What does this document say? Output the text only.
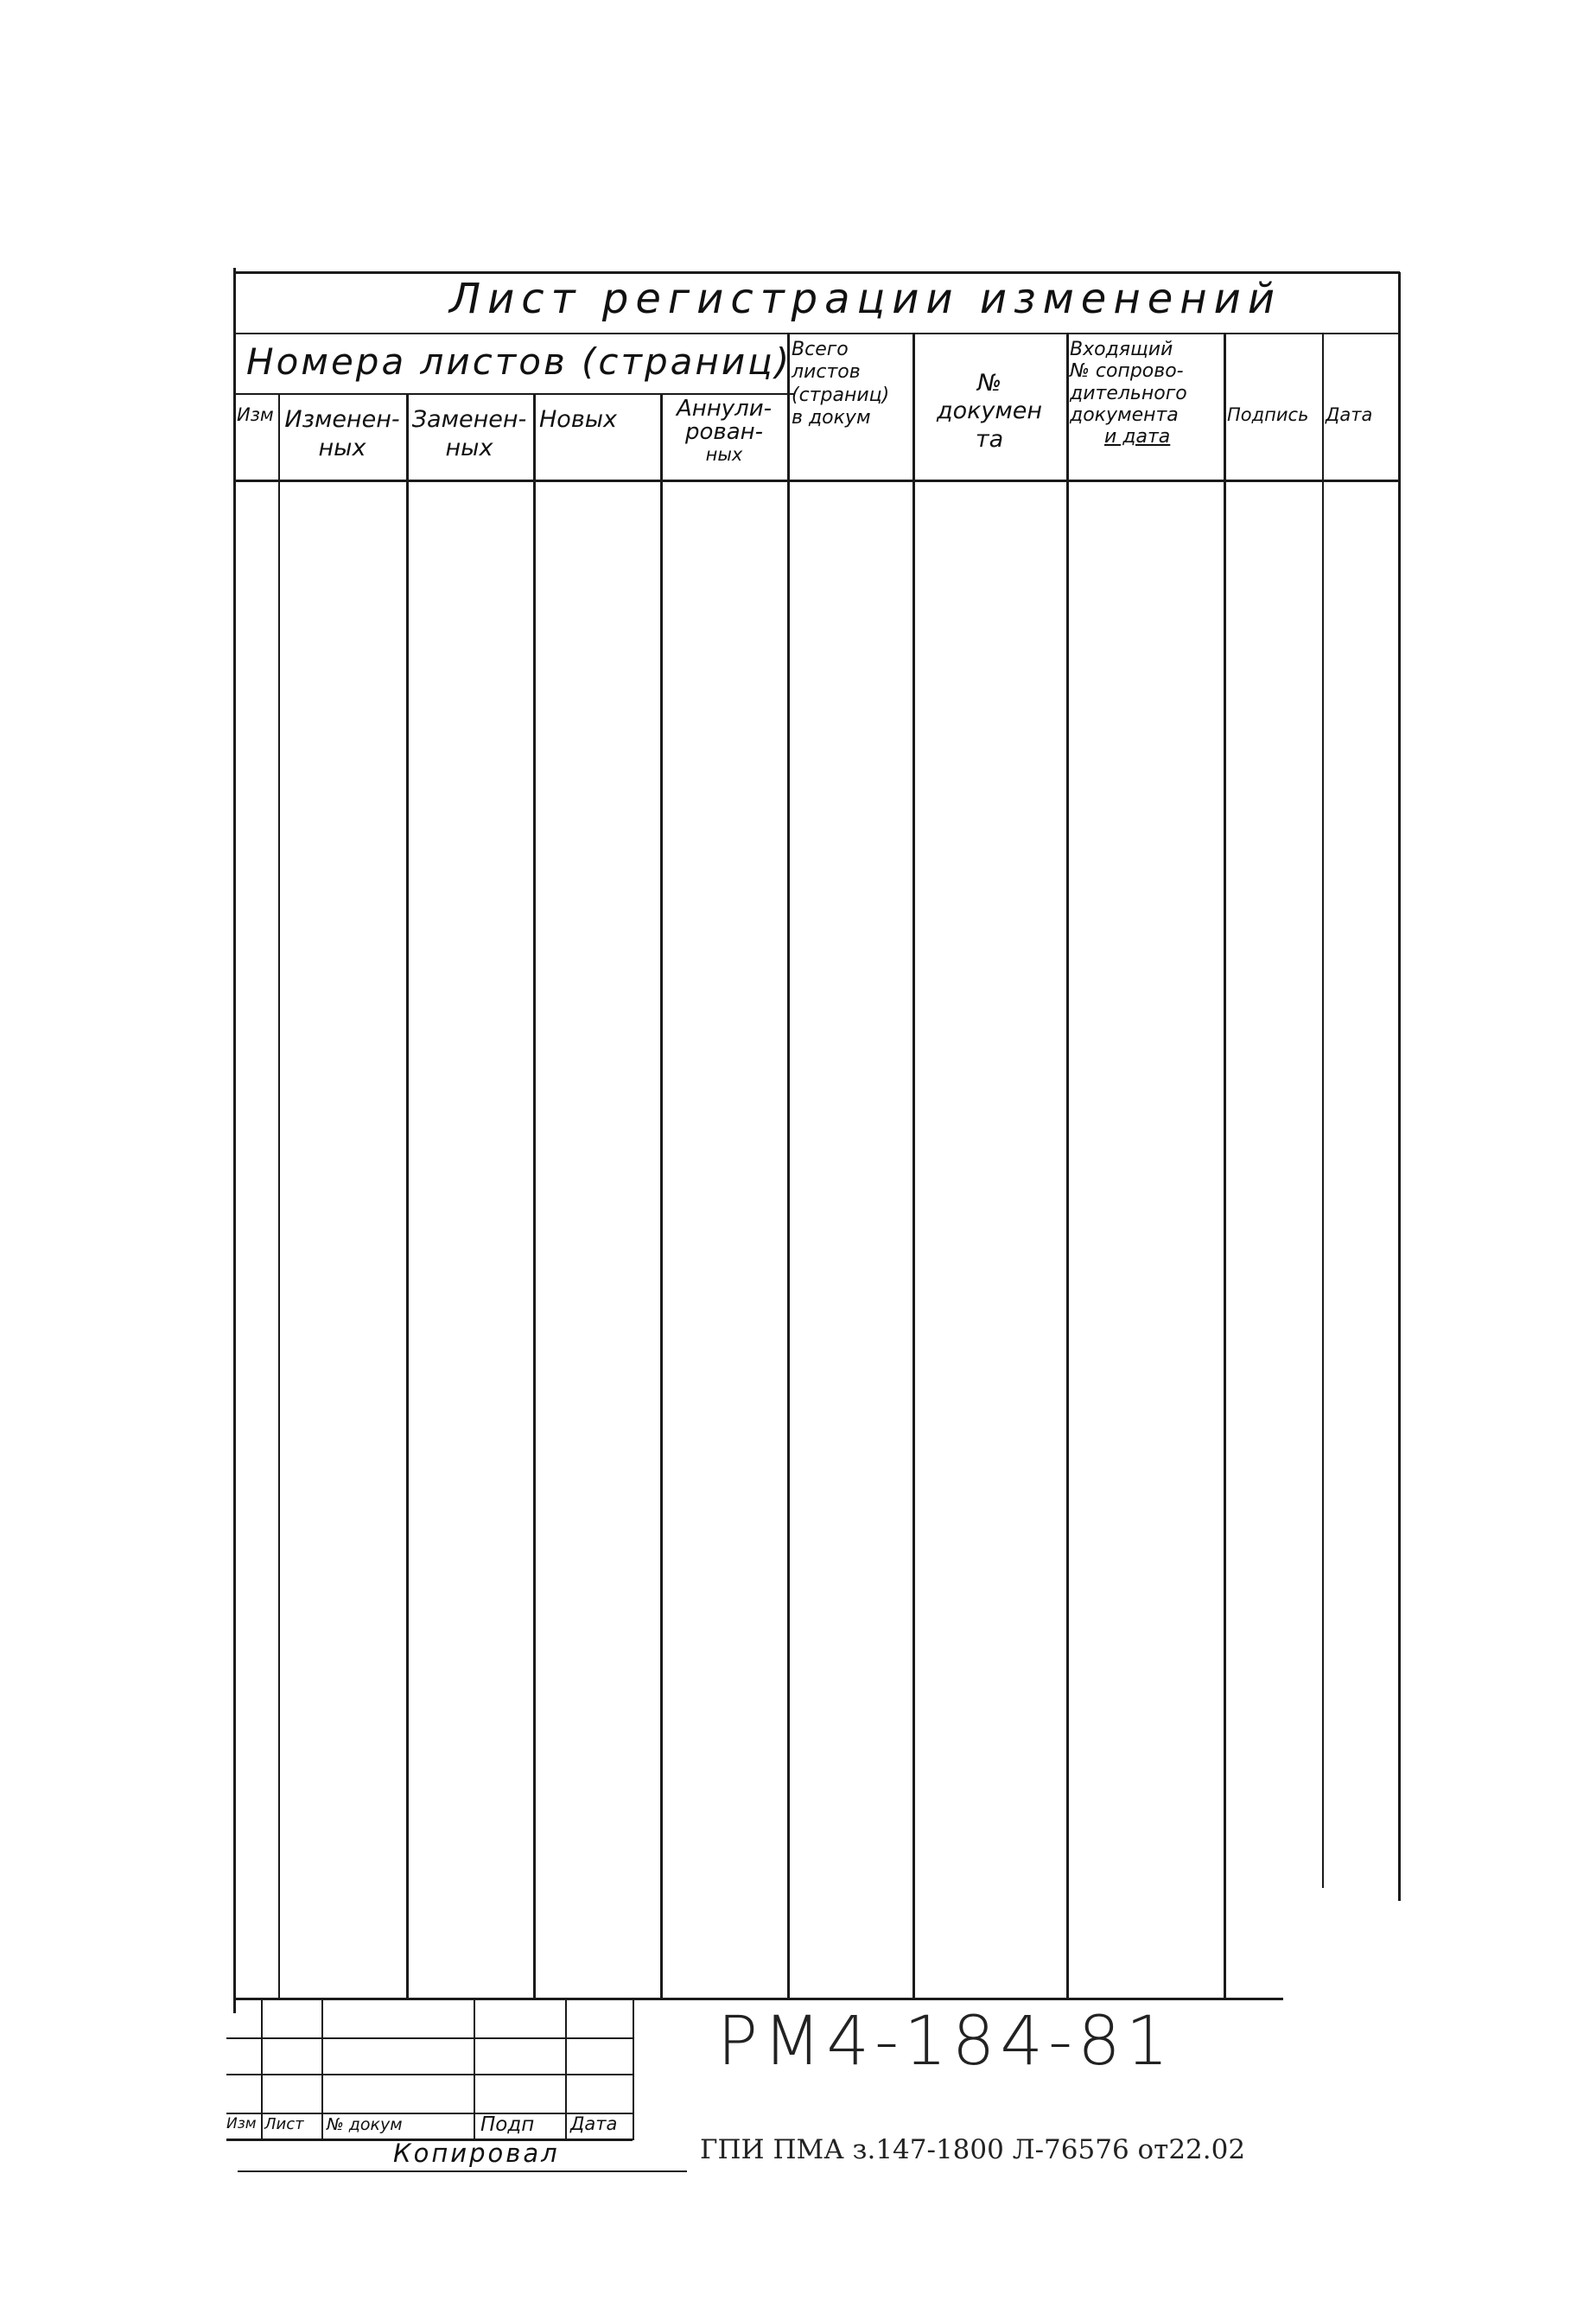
Лист регистрации изменений
Номера листов (страниц)
Изм Изменен-
ных
Заменен-
ных
Новых	Аннули-
рован-
ных
Всего
листов
(страниц)
в докум
№
докумен
та
Входящий
№ сопрово-
дительного
документа
и дата
Подпись Дата
Изм Лист № докум	Подп Дата
Копировал
РМ4-184-81
ГПИ ПМА з.147-1800 Л-76576 от22.02
